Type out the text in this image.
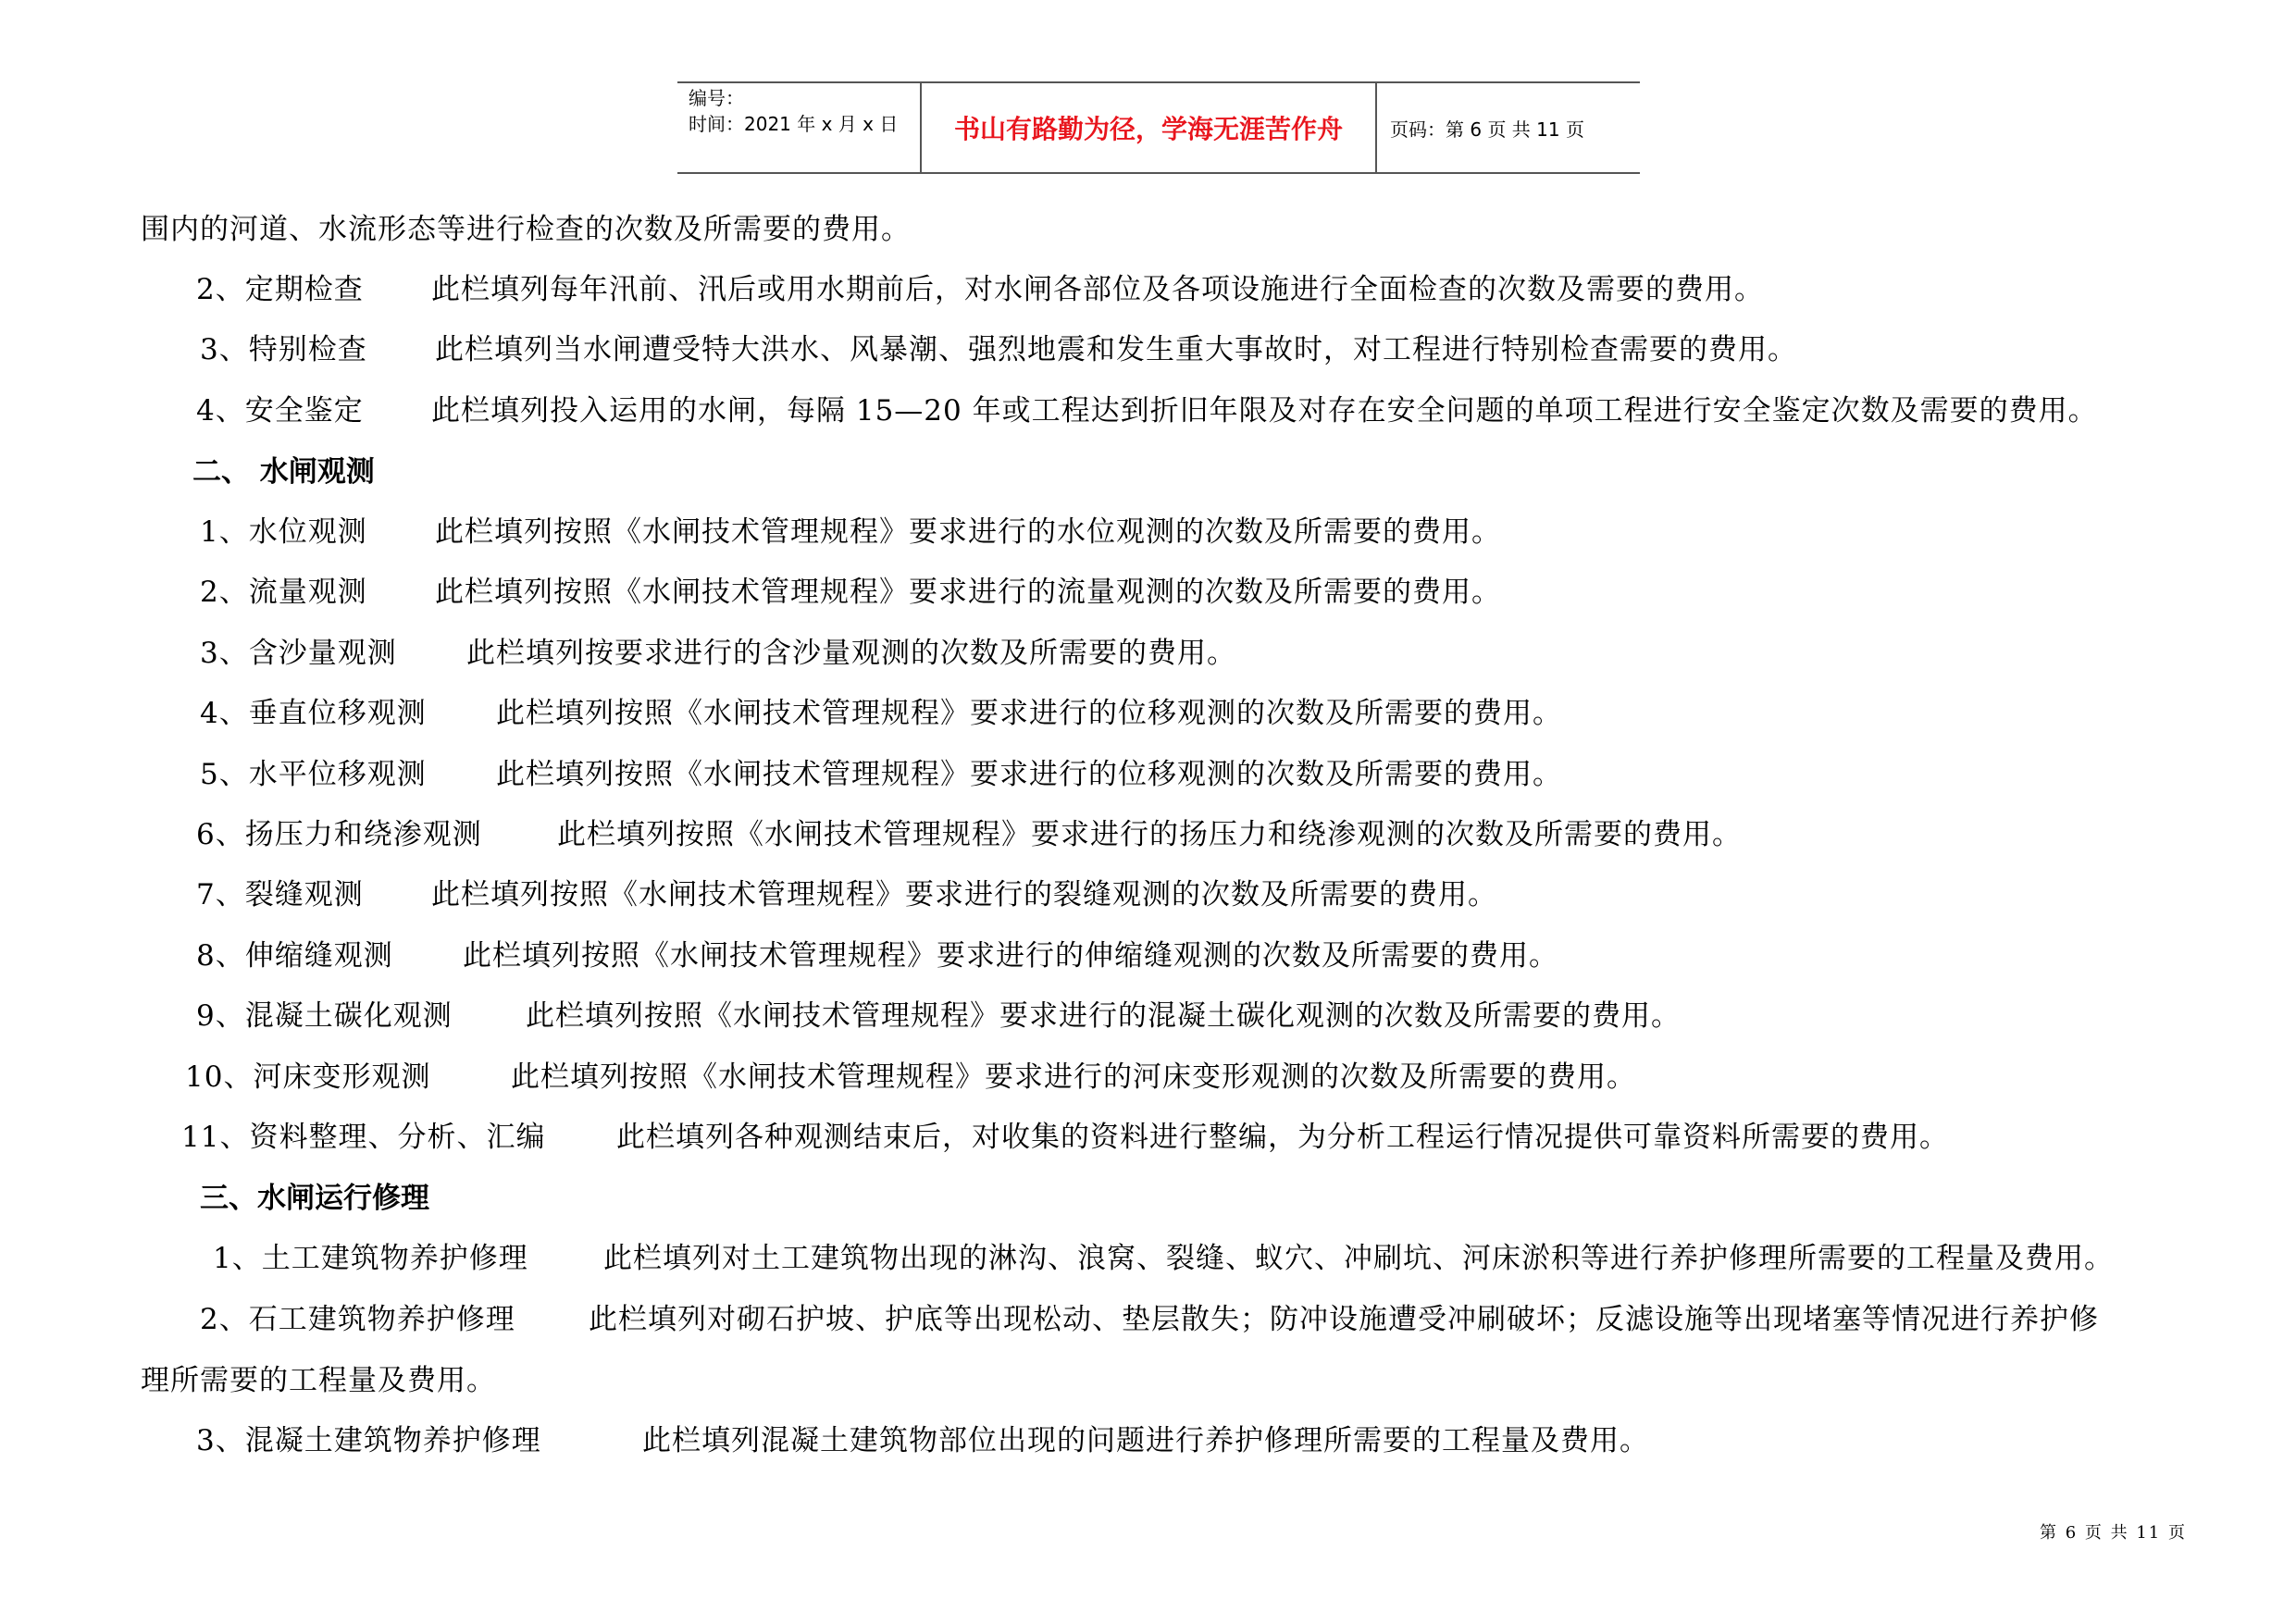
编号：
时间：2021 年 x 月 x 日	书山有路勤为径，学海无涯苦作舟	页码：第 6 页 共 11 页
围内的河道、水流形态等进行检查的次数及所需要的费用。
2、定期检查 此栏填列每年汛前、汛后或用水期前后，对水闸各部位及各项设施进行全面检查的次数及需要的费用。
3、特别检查 此栏填列当水闸遭受特大洪水、风暴潮、强烈地震和发生重大事故时，对工程进行特别检查需要的费用。
4、安全鉴定 此栏填列投入运用的水闸，每隔 15—20 年或工程达到折旧年限及对存在安全问题的单项工程进行安全鉴定次数及需要的费用。
二、 水闸观测
1、水位观测 此栏填列按照《水闸技术管理规程》要求进行的水位观测的次数及所需要的费用。
2、流量观测 此栏填列按照《水闸技术管理规程》要求进行的流量观测的次数及所需要的费用。
3、含沙量观测 此栏填列按要求进行的含沙量观测的次数及所需要的费用。
4、垂直位移观测 此栏填列按照《水闸技术管理规程》要求进行的位移观测的次数及所需要的费用。
5、水平位移观测 此栏填列按照《水闸技术管理规程》要求进行的位移观测的次数及所需要的费用。
6、扬压力和绕渗观测	此栏填列按照《水闸技术管理规程》要求进行的扬压力和绕渗观测的次数及所需要的费用。
7、裂缝观测 此栏填列按照《水闸技术管理规程》要求进行的裂缝观测的次数及所需要的费用。
8、伸缩缝观测 此栏填列按照《水闸技术管理规程》要求进行的伸缩缝观测的次数及所需要的费用。
9、混凝土碳化观测	此栏填列按照《水闸技术管理规程》要求进行的混凝土碳化观测的次数及所需要的费用。
10、河床变形观测	此栏填列按照《水闸技术管理规程》要求进行的河床变形观测的次数及所需要的费用。
11、资料整理、分析、汇编 此栏填列各种观测结束后，对收集的资料进行整编，为分析工程运行情况提供可靠资料所需要的费用。
三、水闸运行修理
1、土工建筑物养护修理	此栏填列对土工建筑物出现的淋沟、浪窝、裂缝、蚁穴、冲刷坑、河床淤积等进行养护修理所需要的工程量及费用。
2、石工建筑物养护修理	此栏填列对砌石护坡、护底等出现松动、垫层散失；防冲设施遭受冲刷破坏；反滤设施等出现堵塞等情况进行养护修
理所需要的工程量及费用。
3、混凝土建筑物养护修理	此栏填列混凝土建筑物部位出现的问题进行养护修理所需要的工程量及费用。
第 6 页 共 11 页
